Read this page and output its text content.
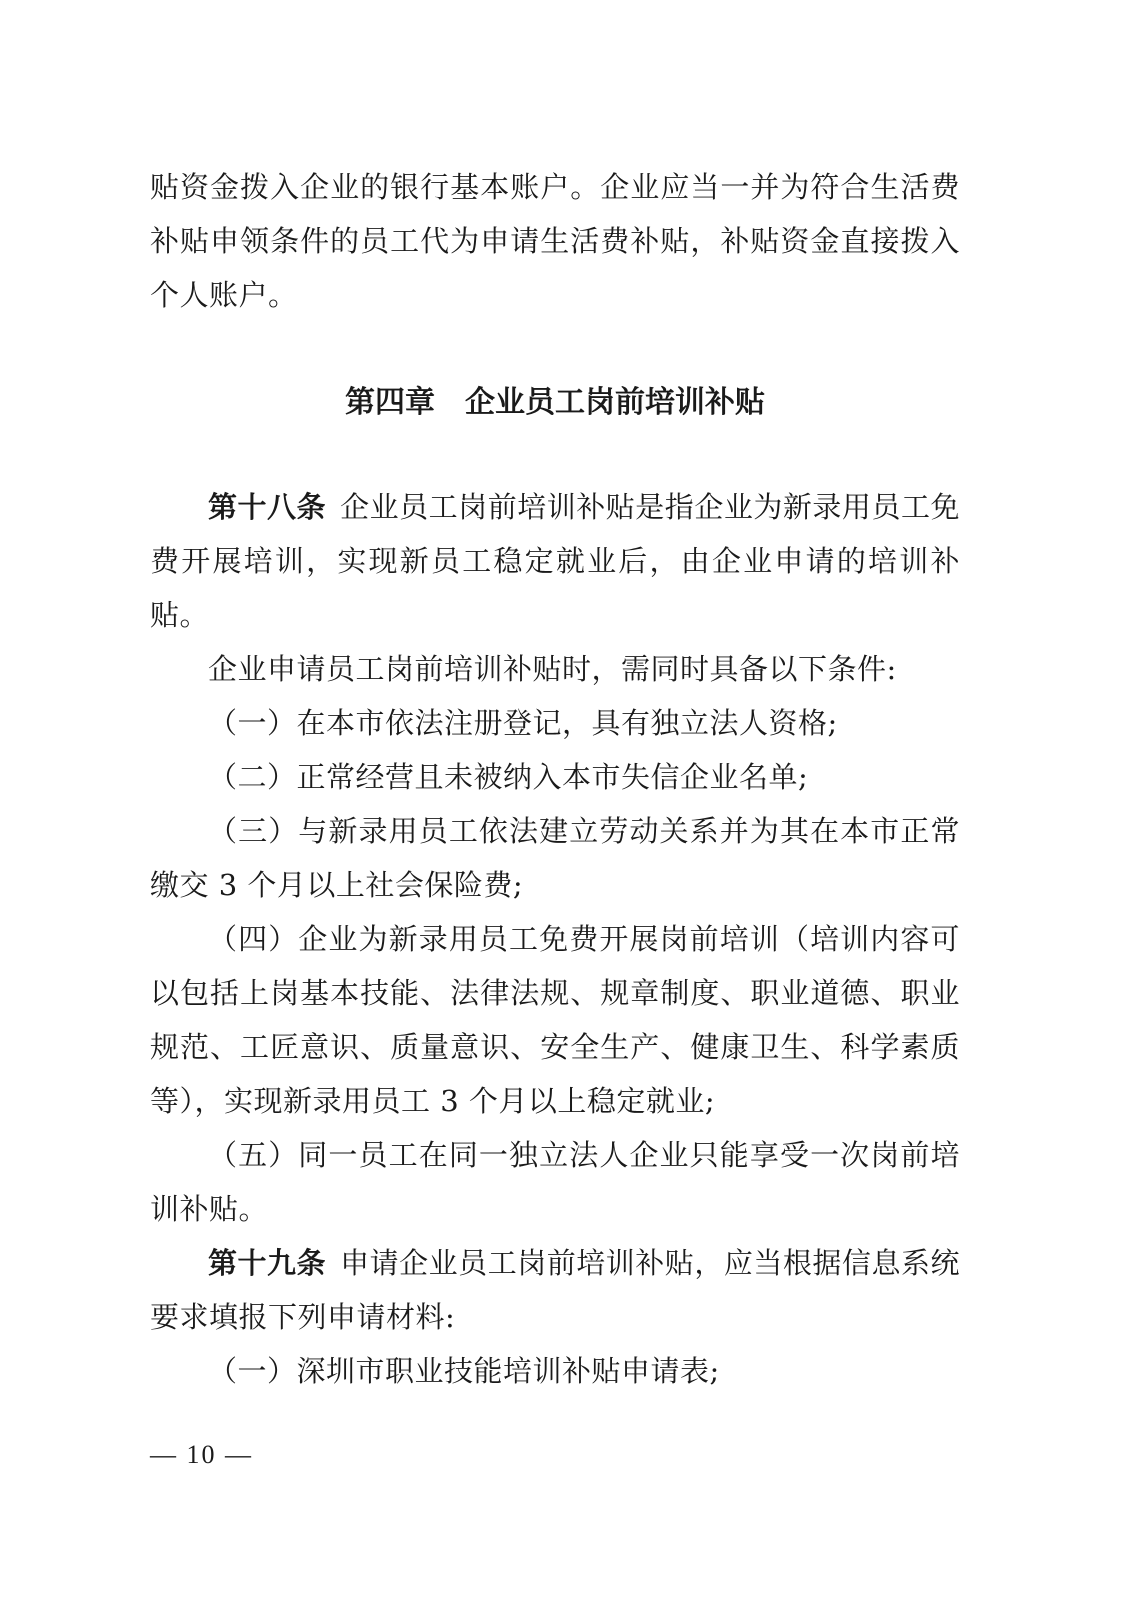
贴资金拨入企业的银行基本账户。企业应当一并为符合生活费补贴申领条件的员工代为申请生活费补贴，补贴资金直接拨入个人账户。

第四章　企业员工岗前培训补贴

第十八条 企业员工岗前培训补贴是指企业为新录用员工免费开展培训，实现新员工稳定就业后，由企业申请的培训补贴。

企业申请员工岗前培训补贴时，需同时具备以下条件:

（一）在本市依法注册登记，具有独立法人资格;

（二）正常经营且未被纳入本市失信企业名单;

（三）与新录用员工依法建立劳动关系并为其在本市正常缴交 3 个月以上社会保险费;

（四）企业为新录用员工免费开展岗前培训（培训内容可以包括上岗基本技能、法律法规、规章制度、职业道德、职业规范、工匠意识、质量意识、安全生产、健康卫生、科学素质等），实现新录用员工 3 个月以上稳定就业;

（五）同一员工在同一独立法人企业只能享受一次岗前培训补贴。

第十九条 申请企业员工岗前培训补贴，应当根据信息系统要求填报下列申请材料:

（一）深圳市职业技能培训补贴申请表;

— 10 —
